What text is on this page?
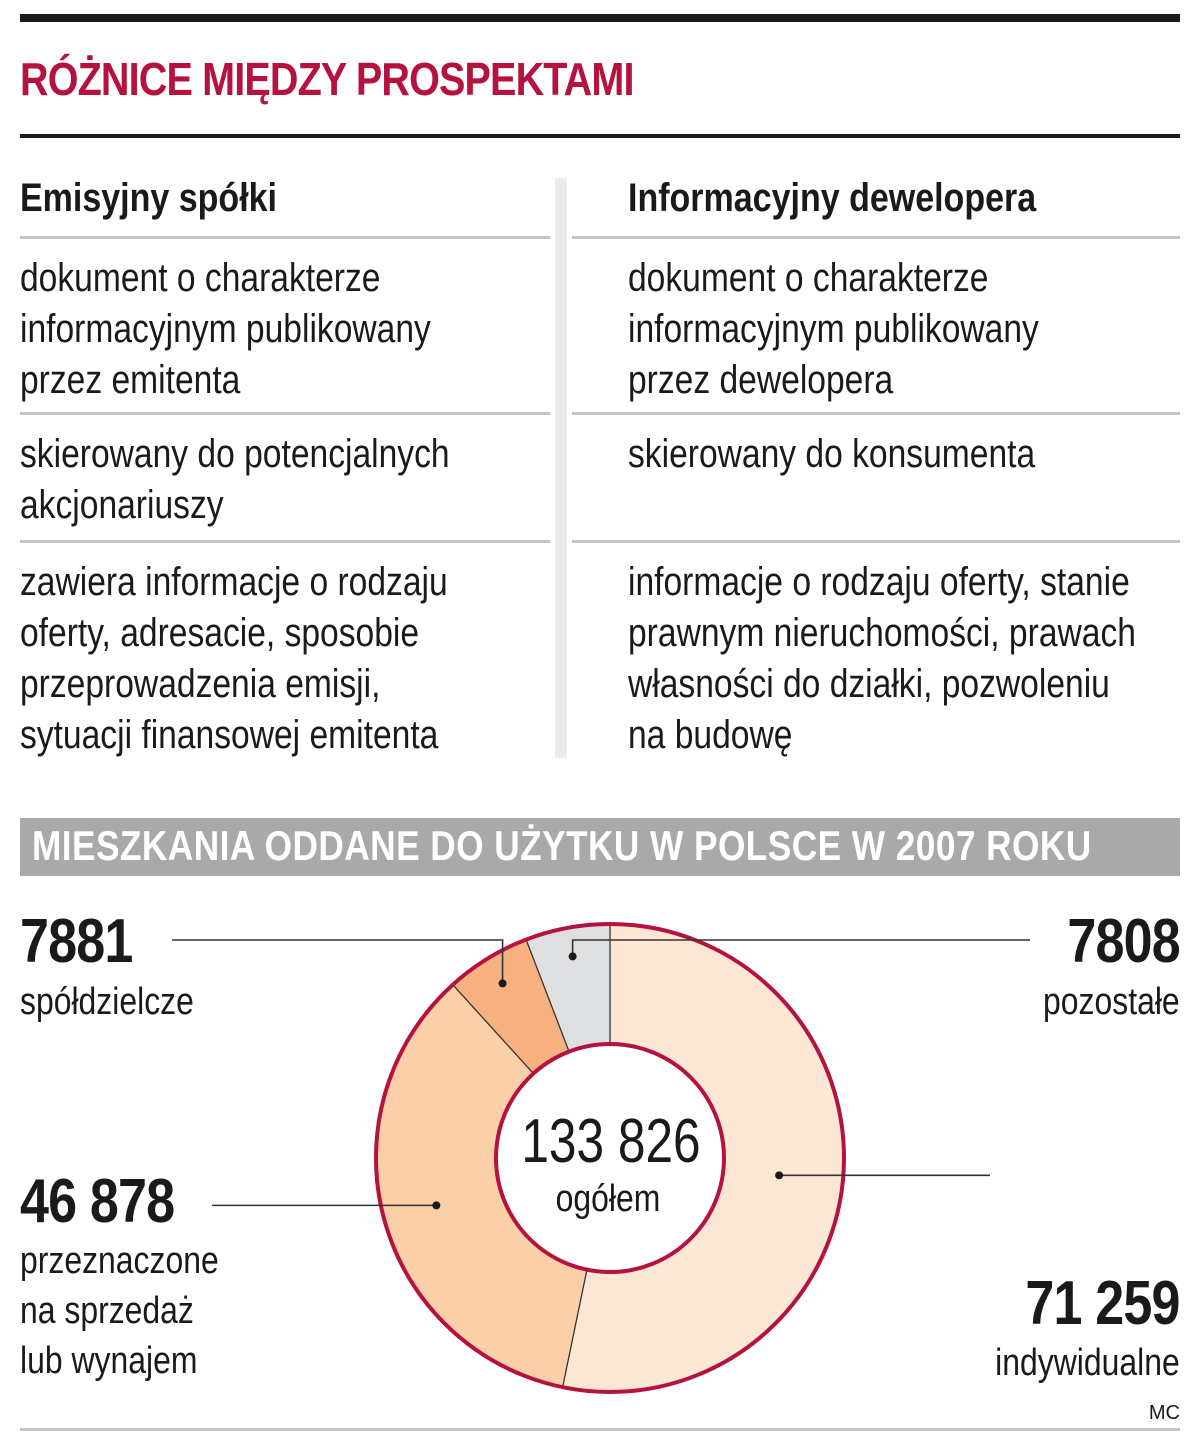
RÓŻNICE MIĘDZY PROSPEKTAMI
Emisyjny spółki
dokument o charakterze
informacyjnym publikowany
przez emitenta
skierowany do potencjalnych
akcjonariuszy
zawiera informacje o rodzaju
oferty, adresacie, sposobie
przeprowadzenia emisji,
sytuacji finansowej emitenta
Informacyjny dewelopera
dokument o charakterze
informacyjnym publikowany
przez dewelopera
skierowany do konsumenta
informacje o rodzaju oferty, stanie
prawnym nieruchomości, prawach
własności do działki, pozwoleniu
na budowę
MIESZKANIA ODDANE DO UŻYTKU W POLSCE W 2007 ROKU
7881
spółdzielcze
7808
pozostałe
46 878
przeznaczone
na sprzedaż
lub wynajem
71 259
indywidualne
133 826
ogółem
MC
